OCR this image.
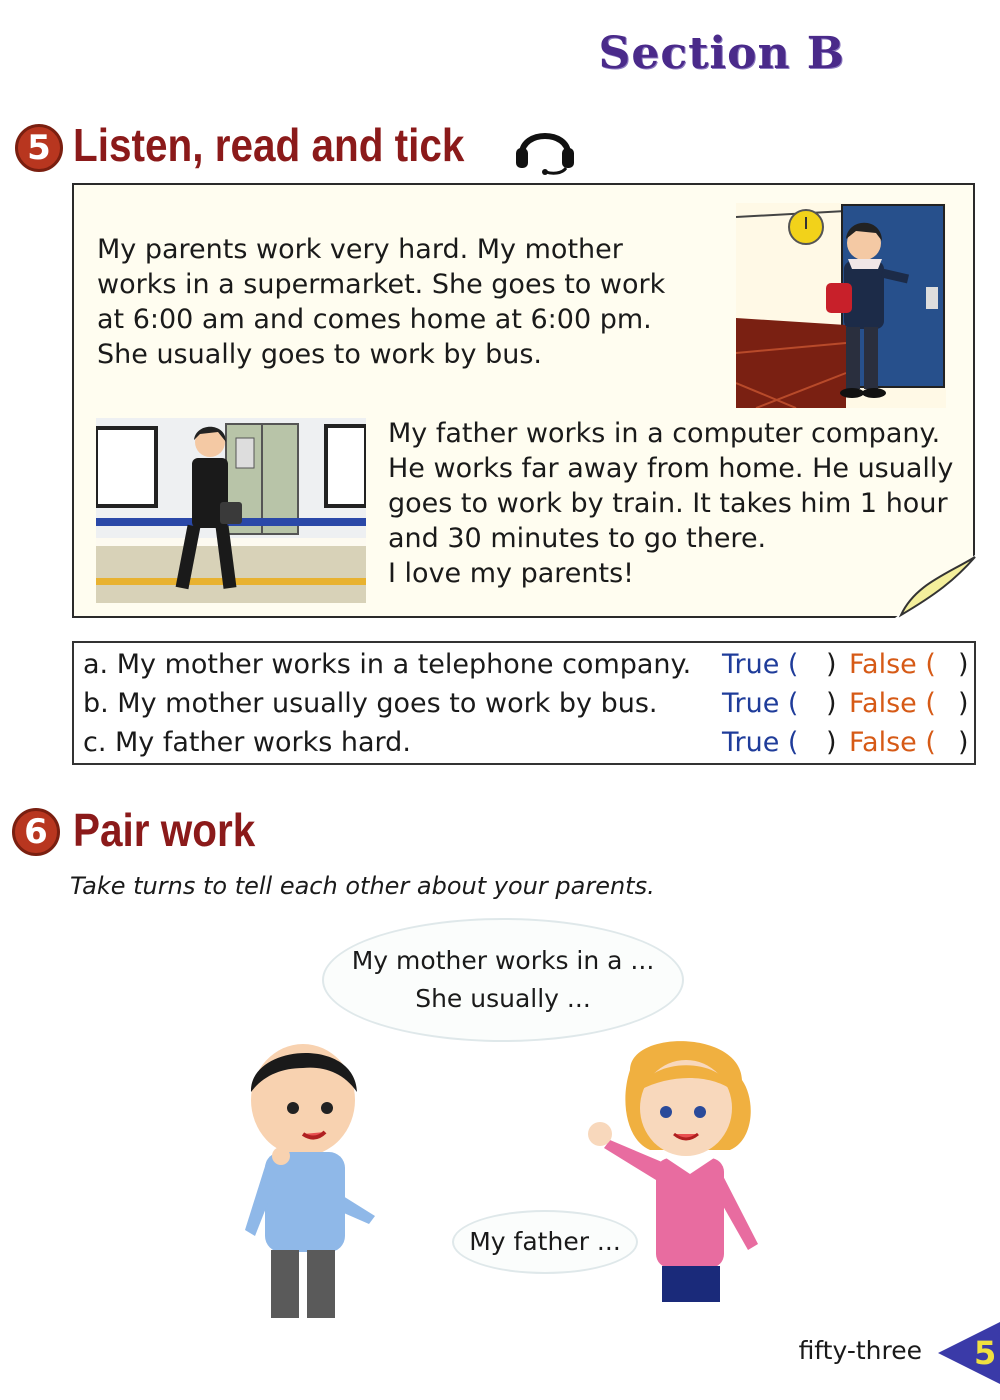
Section B
5 Listen, read and tick
My parents work very hard. My mother
works in a supermarket. She goes to work
at 6:00 am and comes home at 6:00 pm.
She usually goes to work by bus.
My father works in a computer company.
He works far away from home. He usually
goes to work by train. It takes him 1 hour
and 30 minutes to go there.
I love my parents!
a. My mother works in a telephone company. True ( ) False ( )
b. My mother usually goes to work by bus. True ( ) False ( )
c. My father works hard.	True ( ) False ( )
6 Pair work
Take turns to tell each other about your parents.
My mother works in a ...
She usually ...
My father ...
fifty-three 5
